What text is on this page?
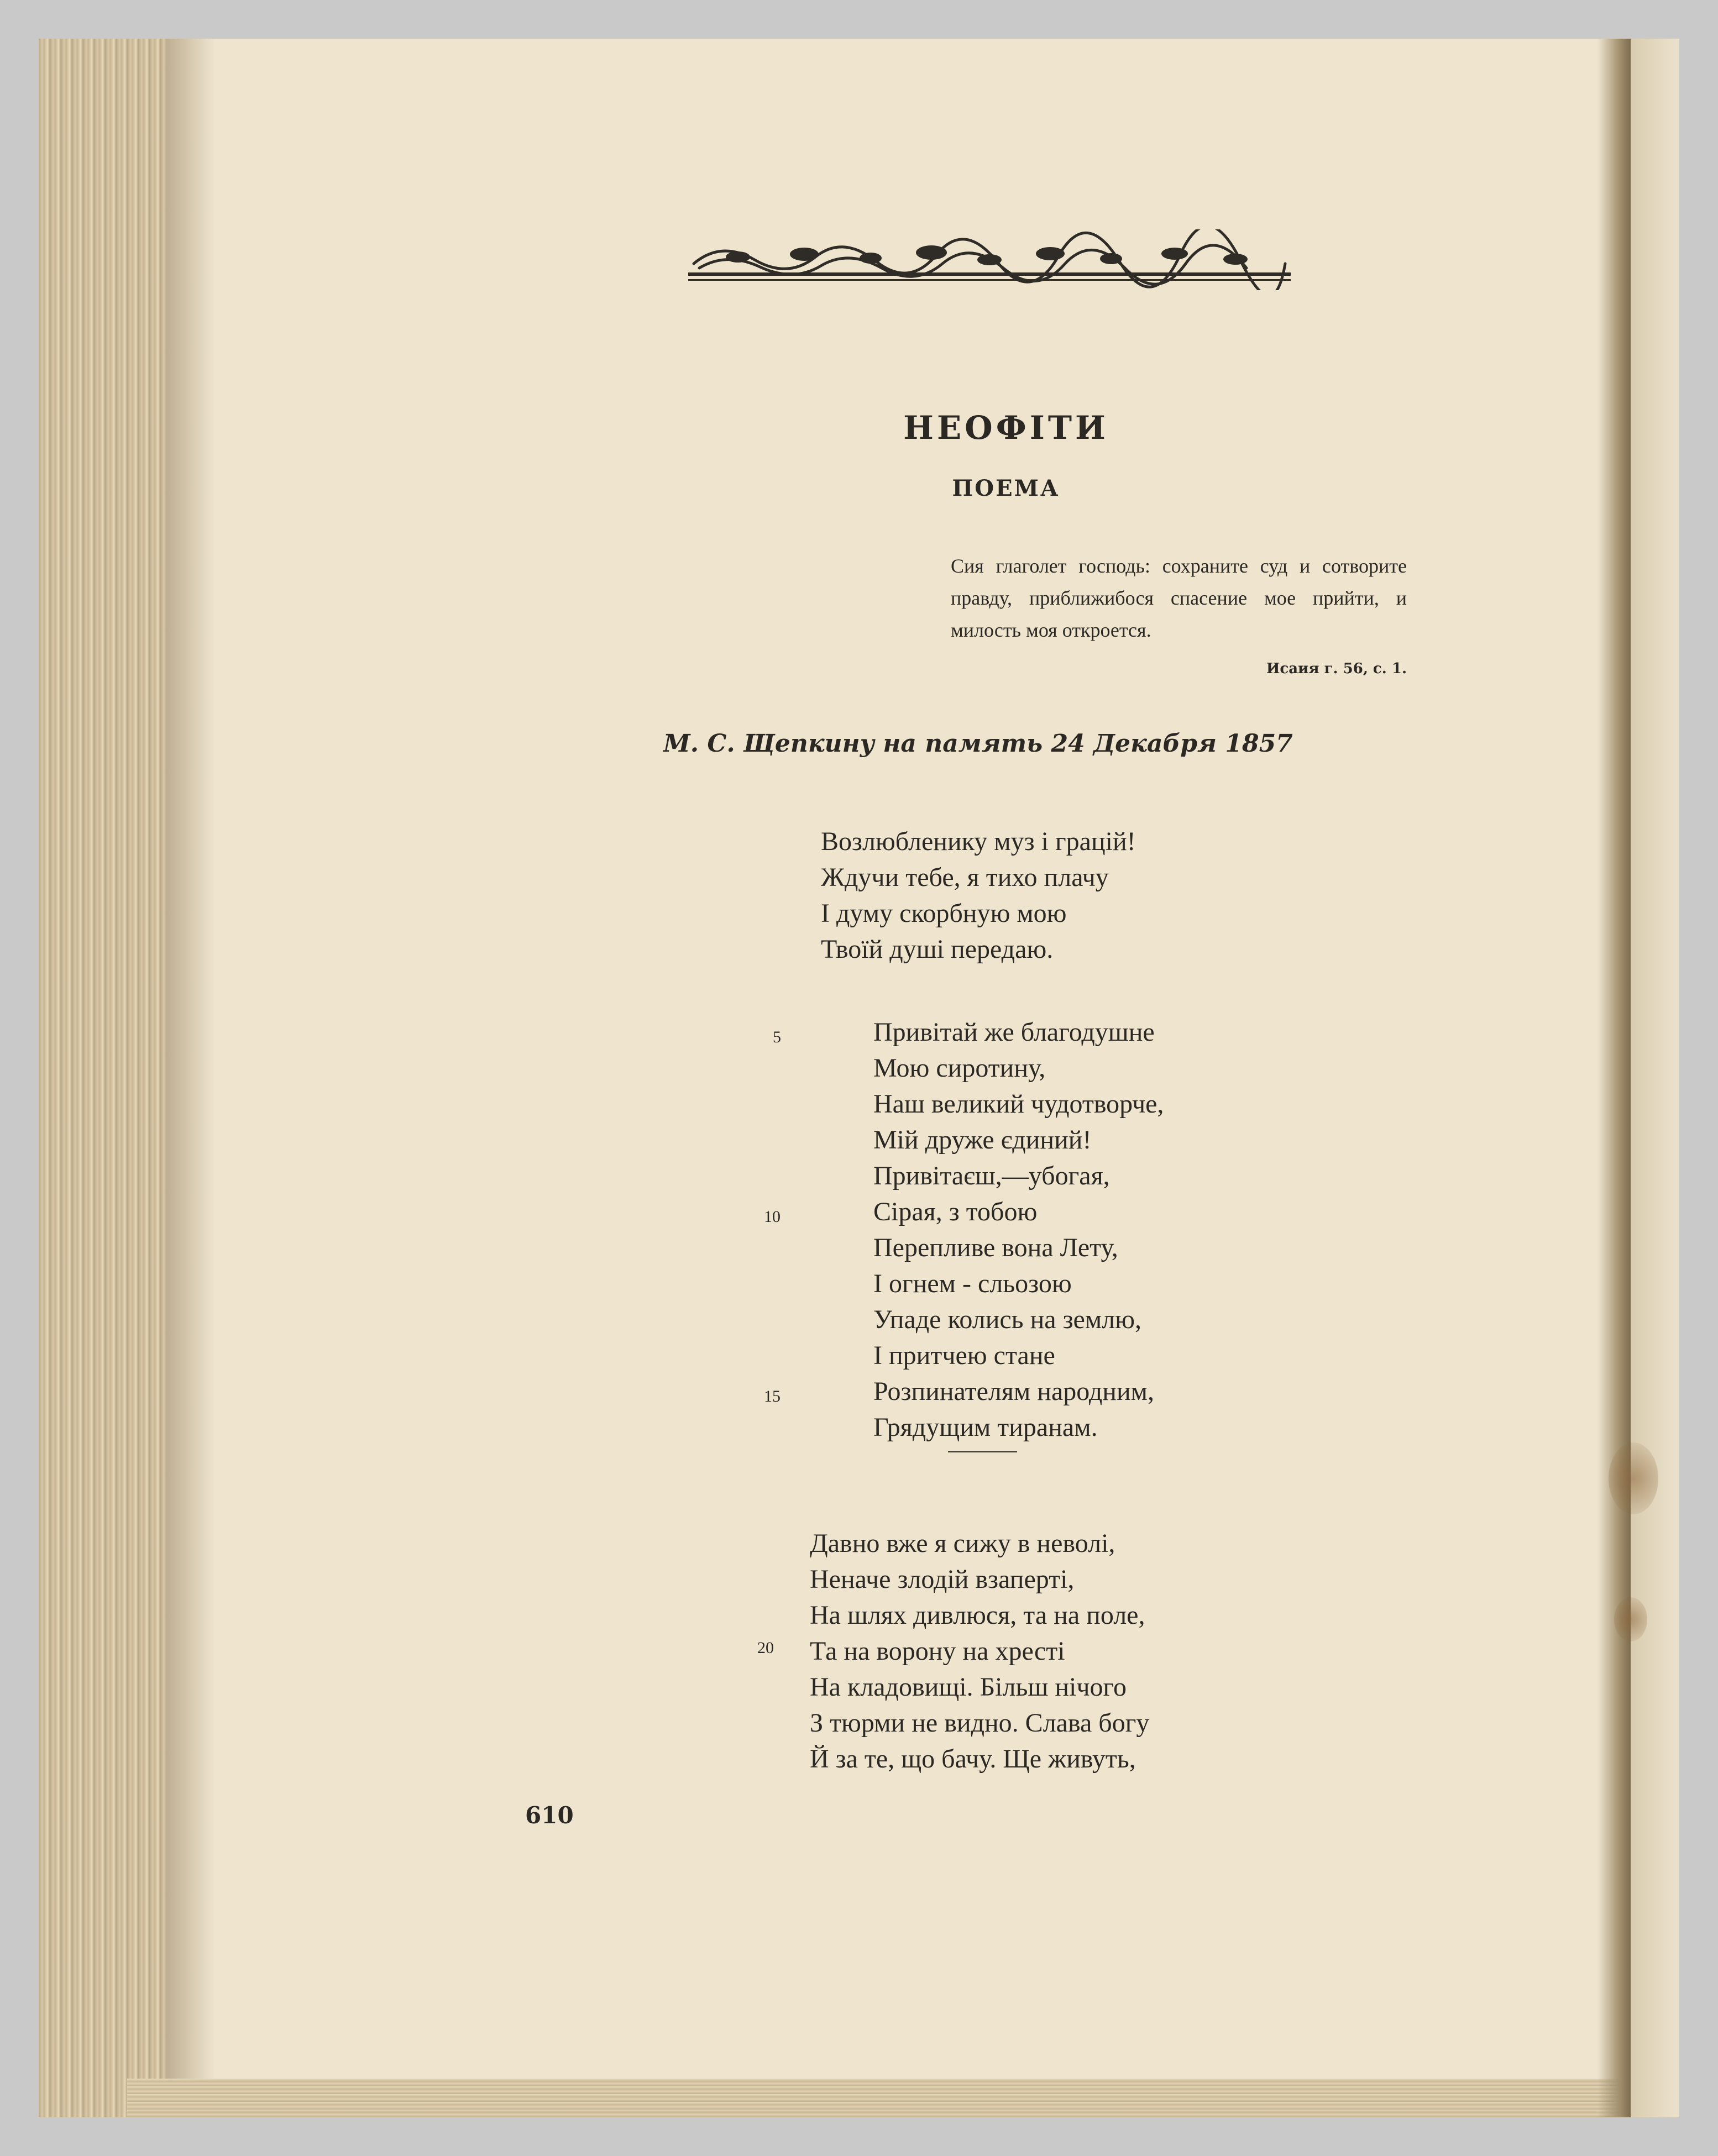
НЕОФІТИ
ПОЕМА

Сия глаголет господь: сохраните суд и сотворите правду, приближибося спасение мое прийти, и милость моя откроется.

Исаия г. 56, с. 1.

М. С. Щепкину на память 24 Декабря 1857

Возлюбленику муз і грацій!
Ждучи тебе, я тихо плачу
І думу скорбную мою
Твоїй душі передаю.
Привітай же благодушне
Мою сиротину,
Наш великий чудотворче,
Мій друже єдиний!
Привітаєш,—убогая,
Сірая, з тобою
Перепливе вона Лету,
І огнем - сльозою
Упаде колись на землю,
І притчею стане
Розпинателям народним,
Грядущим тиранам.
Давно вже я сижу в неволі,
Неначе злодій взаперті,
На шлях дивлюся, та на поле,
Та на ворону на хресті
На кладовищі. Більш нічого
З тюрми не видно. Слава богу
Й за те, що бачу. Ще живуть,
5
10
15
20

610
